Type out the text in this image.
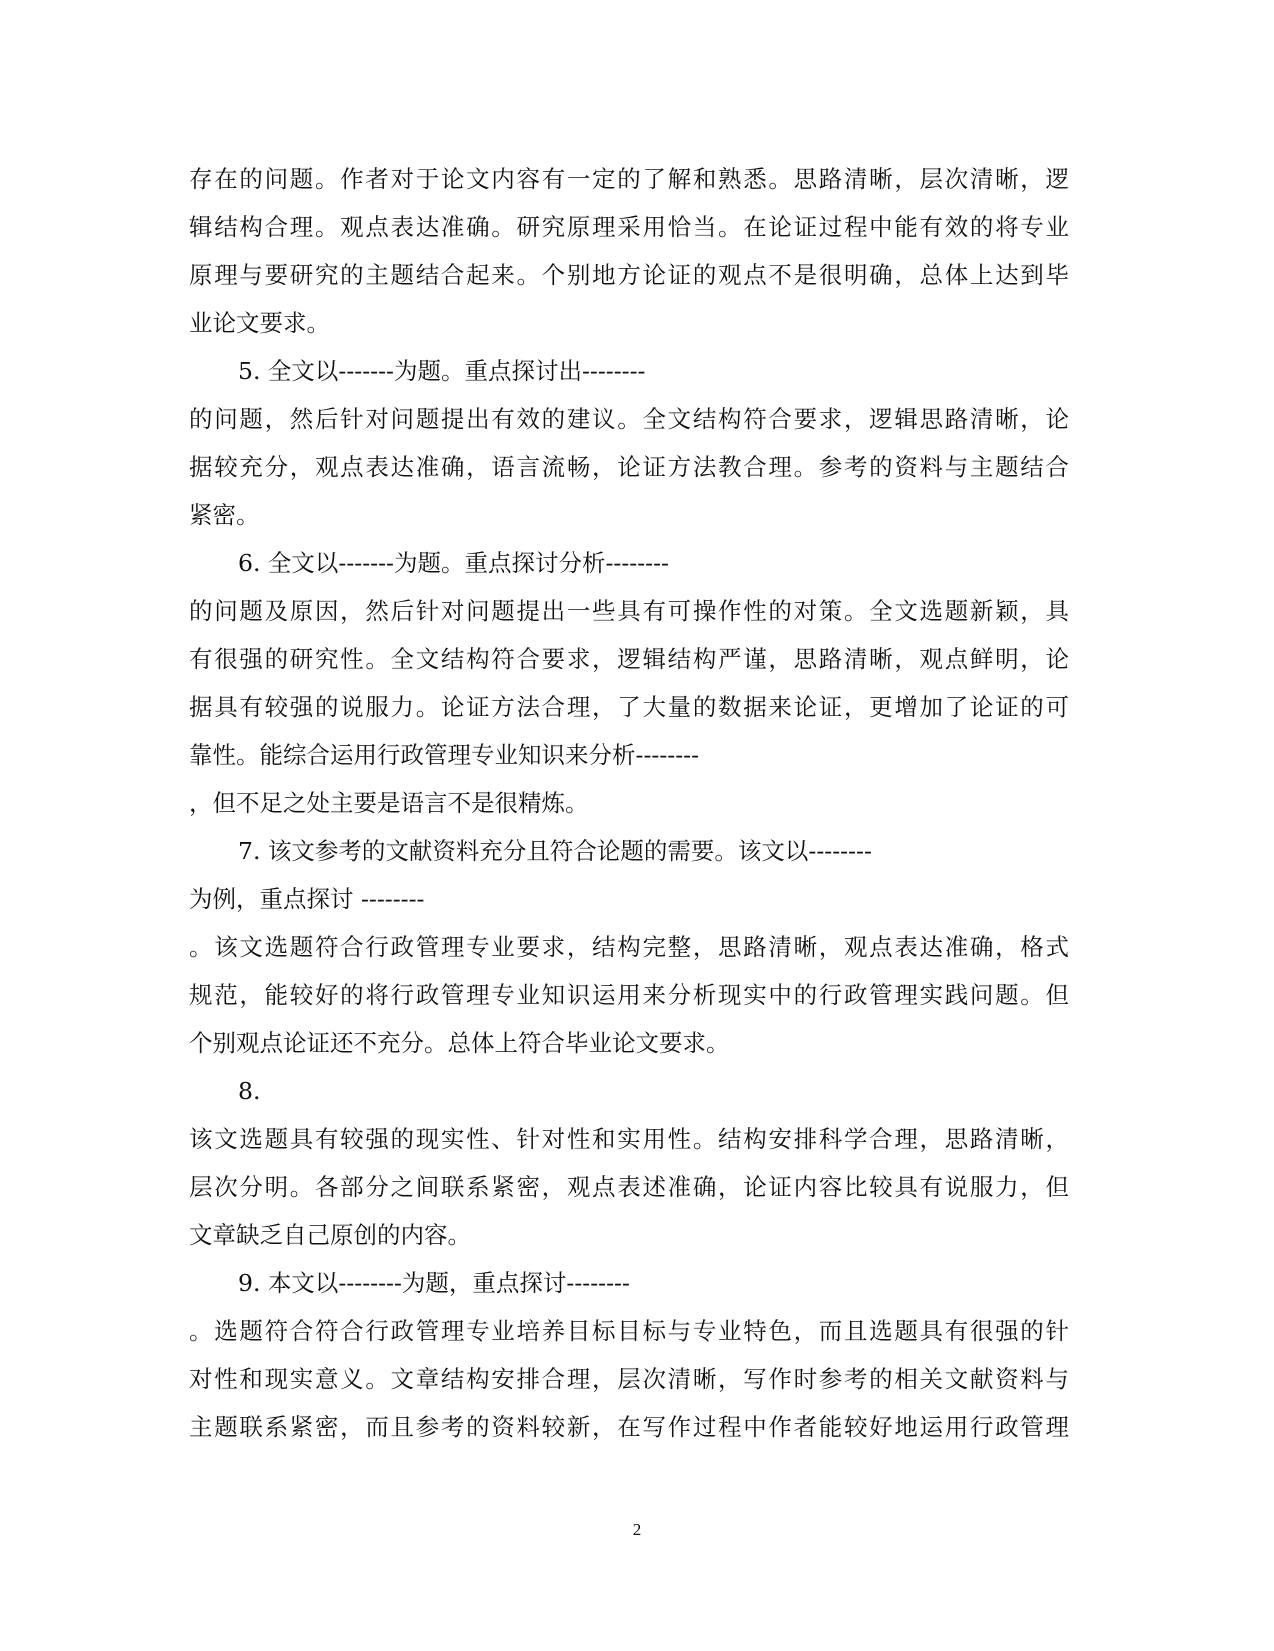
存在的问题。作者对于论文内容有一定的了解和熟悉。思路清晰，层次清晰，逻
辑结构合理。观点表达准确。研究原理采用恰当。在论证过程中能有效的将专业
原理与要研究的主题结合起来。个别地方论证的观点不是很明确，总体上达到毕
业论文要求。
5. 全文以-------为题。重点探讨出--------
的问题，然后针对问题提出有效的建议。全文结构符合要求，逻辑思路清晰，论
据较充分，观点表达准确，语言流畅，论证方法教合理。参考的资料与主题结合
紧密。
6. 全文以-------为题。重点探讨分析--------
的问题及原因，然后针对问题提出一些具有可操作性的对策。全文选题新颖，具
有很强的研究性。全文结构符合要求，逻辑结构严谨，思路清晰，观点鲜明，论
据具有较强的说服力。论证方法合理，了大量的数据来论证，更增加了论证的可
靠性。能综合运用行政管理专业知识来分析--------
，但不足之处主要是语言不是很精炼。
7. 该文参考的文献资料充分且符合论题的需要。该文以--------
为例，重点探讨 --------
。该文选题符合行政管理专业要求，结构完整，思路清晰，观点表达准确，格式
规范，能较好的将行政管理专业知识运用来分析现实中的行政管理实践问题。但
个别观点论证还不充分。总体上符合毕业论文要求。
8.
该文选题具有较强的现实性、针对性和实用性。结构安排科学合理，思路清晰，
层次分明。各部分之间联系紧密，观点表述准确，论证内容比较具有说服力，但
文章缺乏自己原创的内容。
9. 本文以--------为题，重点探讨--------
。选题符合符合行政管理专业培养目标目标与专业特色，而且选题具有很强的针
对性和现实意义。文章结构安排合理，层次清晰，写作时参考的相关文献资料与
主题联系紧密，而且参考的资料较新，在写作过程中作者能较好地运用行政管理
2
